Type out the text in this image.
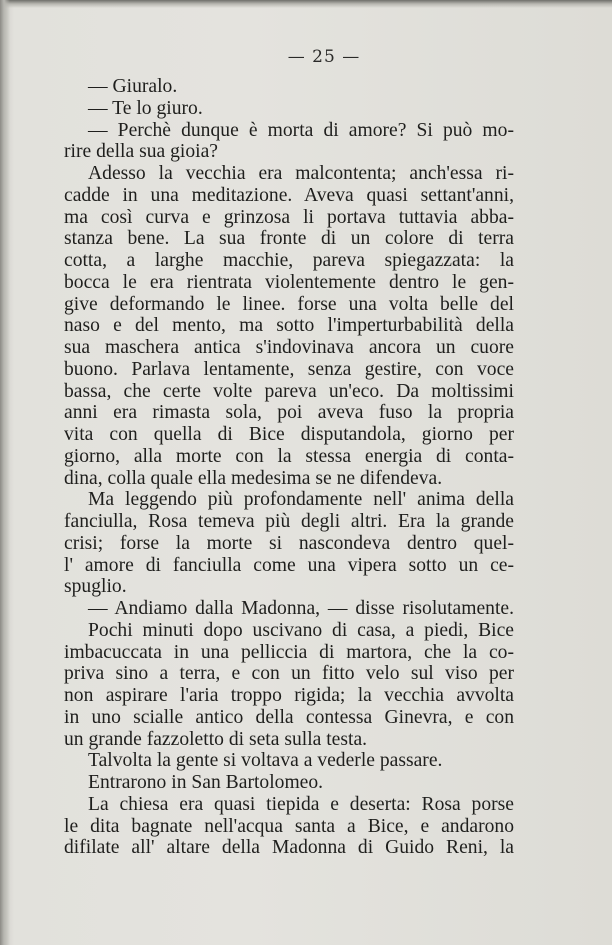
— 25 —
— Giuralo.
— Te lo giuro.
— Perchè dunque è morta di amore? Si può mo-
rire della sua gioia?
Adesso la vecchia era malcontenta; anch'essa ri-
cadde in una meditazione. Aveva quasi settant'anni,
ma così curva e grinzosa li portava tuttavia abba-
stanza bene. La sua fronte di un colore di terra
cotta, a larghe macchie, pareva spiegazzata: la
bocca le era rientrata violentemente dentro le gen-
give deformando le linee. forse una volta belle del
naso e del mento, ma sotto l'imperturbabilità della
sua maschera antica s'indovinava ancora un cuore
buono. Parlava lentamente, senza gestire, con voce
bassa, che certe volte pareva un'eco. Da moltissimi
anni era rimasta sola, poi aveva fuso la propria
vita con quella di Bice disputandola, giorno per
giorno, alla morte con la stessa energia di conta-
dina, colla quale ella medesima se ne difendeva.
Ma leggendo più profondamente nell' anima della
fanciulla, Rosa temeva più degli altri. Era la grande
crisi; forse la morte si nascondeva dentro quel-
l' amore di fanciulla come una vipera sotto un ce-
spuglio.
— Andiamo dalla Madonna, — disse risolutamente.
Pochi minuti dopo uscivano di casa, a piedi, Bice
imbacuccata in una pelliccia di martora, che la co-
priva sino a terra, e con un fitto velo sul viso per
non aspirare l'aria troppo rigida; la vecchia avvolta
in uno scialle antico della contessa Ginevra, e con
un grande fazzoletto di seta sulla testa.
Talvolta la gente si voltava a vederle passare.
Entrarono in San Bartolomeo.
La chiesa era quasi tiepida e deserta: Rosa porse
le dita bagnate nell'acqua santa a Bice, e andarono
difilate all' altare della Madonna di Guido Reni, la
